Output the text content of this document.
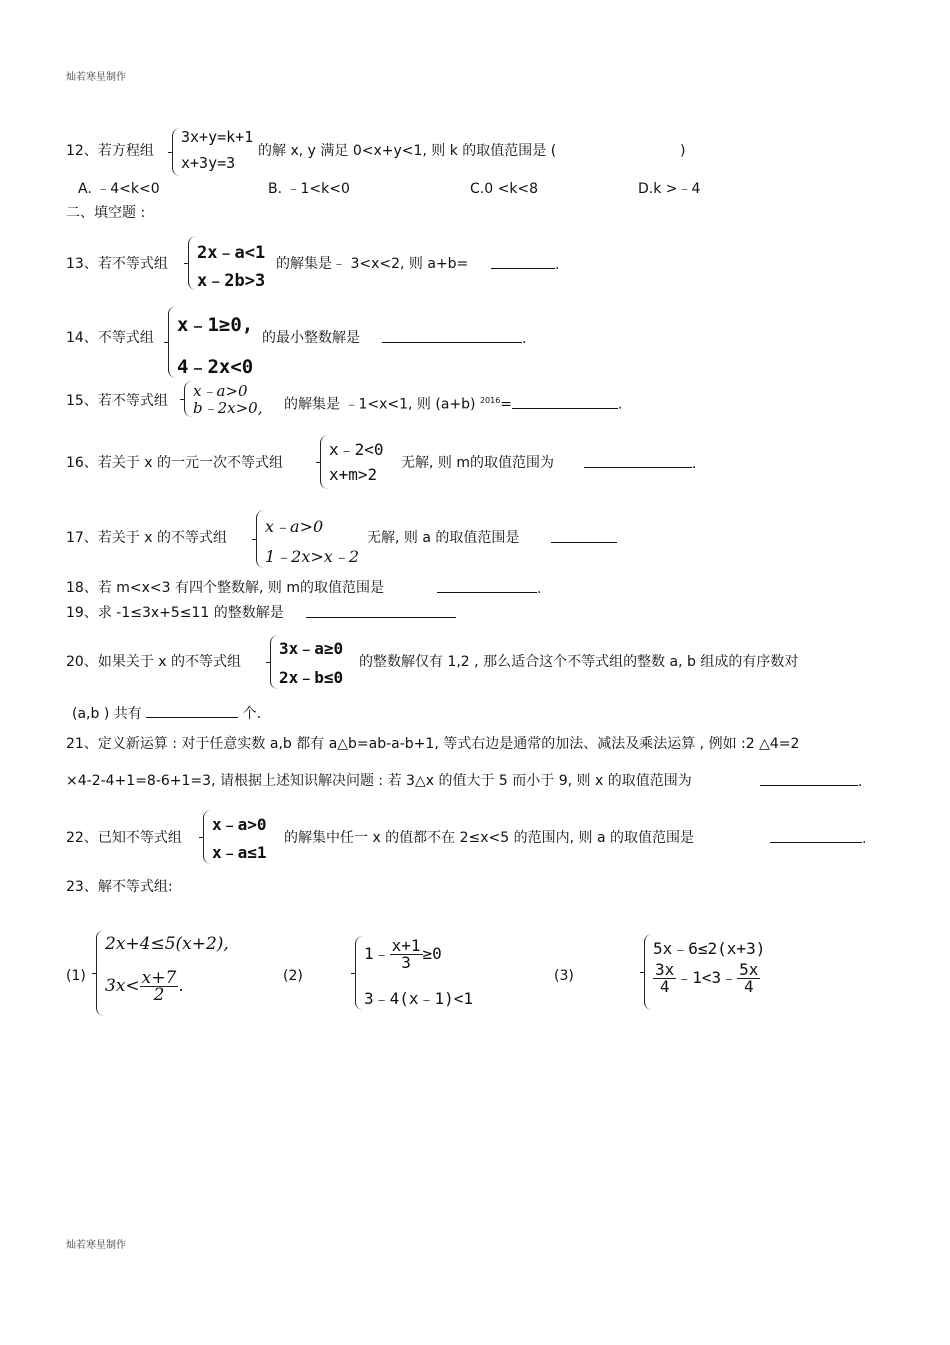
灿若寒星制作
12、若方程组
3x+y=k+1
x+3y=3
的解 x, y 满足 0<x+y<1, 则 k 的取值范围是 (	)
A. ﹣4<k<0	B. ﹣1<k<0	C.0 <k<8	D.k >﹣4
二、填空题 :
13、若不等式组
2x﹣a<1
x﹣2b>3
的解集是﹣ 3<x<2, 则 a+b=	.
14、不等式组
x﹣1≥0,
4﹣2x<0
的最小整数解是	.
15、若不等式组
x﹣a>0
b﹣2x>0, 的解集是 ﹣1<x<1, 则 (a+b) $^{2016}$=	.
16、若关于 x 的一元一次不等式组
x﹣2<0
x+m>2
无解, 则 m的取值范围为	.
17、若关于 x 的不等式组
x﹣a>0
1﹣2x>x﹣2
无解, 则 a 的取值范围是
18、若 m<x<3 有四个整数解, 则 m的取值范围是	.
19、求 -1≤3x+5≤11 的整数解是
20、如果关于 x 的不等式组
3x﹣a≥0
2x﹣b≤0
的整数解仅有 1,2 , 那么适合这个不等式组的整数 a, b 组成的有序数对
(a,b ) 共有	个.
21、定义新运算 : 对于任意实数 a,b 都有 a△b=ab-a-b+1, 等式右边是通常的加法、减法及乘法运算 , 例如 :2 △4=2
×4-2-4+1=8-6+1=3, 请根据上述知识解决问题 : 若 3△x 的值大于 5 而小于 9, 则 x 的取值范围为	.
22、已知不等式组
x﹣a>0
x﹣a≤1
的解集中任一 x 的值都不在 2≤x<5 的范围内, 则 a 的取值范围是	.
23、解不等式组:
(1)
2x+4≤5(x+2),
$3x< \frac{x+7}{2}$ .	(2)
1﹣ $\frac{x+1}{3} \ge 0$
3﹣4(x﹣1)<1
(3)
5x﹣6≤2(x+3)
$\frac{3x}{4}$ ﹣1<3﹣ $\frac{5x}{4}$
灿若寒星制作
